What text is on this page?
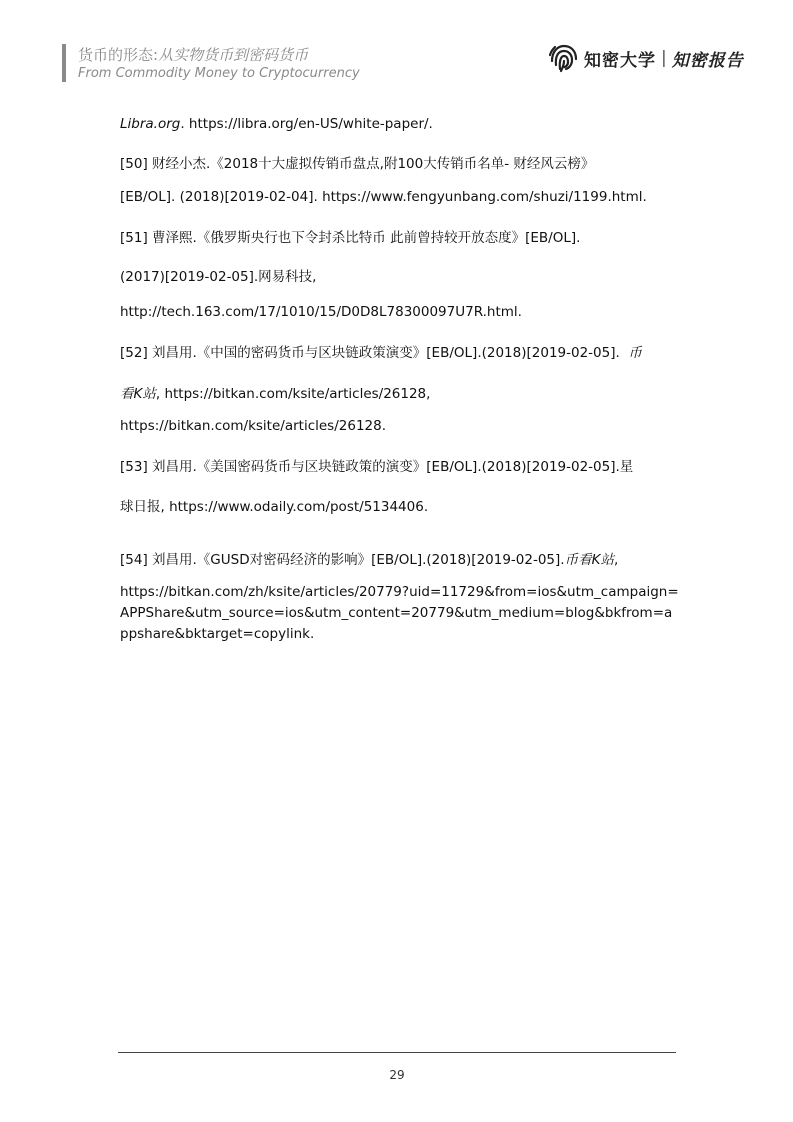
货币的形态:从实物货币到密码货币
From Commodity Money to Cryptocurrency
知密大学 | 知密报告
Libra.org. https://libra.org/en-US/white-paper/.
[50] 财经小杰.《2018十大虚拟传销币盘点,附100大传销币名单- 财经风云榜》
[EB/OL]. (2018)[2019-02-04]. https://www.fengyunbang.com/shuzi/1199.html.
[51] 曹泽熙.《俄罗斯央行也下令封杀比特币 此前曾持较开放态度》[EB/OL].
(2017)[2019-02-05].网易科技,
http://tech.163.com/17/1010/15/D0D8L78300097U7R.html.
[52] 刘昌用.《中国的密码货币与区块链政策演变》[EB/OL].(2018)[2019-02-05]. 币
看K站, https://bitkan.com/ksite/articles/26128,
https://bitkan.com/ksite/articles/26128.
[53] 刘昌用.《美国密码货币与区块链政策的演变》[EB/OL].(2018)[2019-02-05].星
球日报, https://www.odaily.com/post/5134406.
[54] 刘昌用.《GUSD对密码经济的影响》[EB/OL].(2018)[2019-02-05].币看K站,
https://bitkan.com/zh/ksite/articles/20779?uid=11729&from=ios&utm_campaign=APPShare&utm_source=ios&utm_content=20779&utm_medium=blog&bkfrom=appshare&bktarget=copylink.
29
